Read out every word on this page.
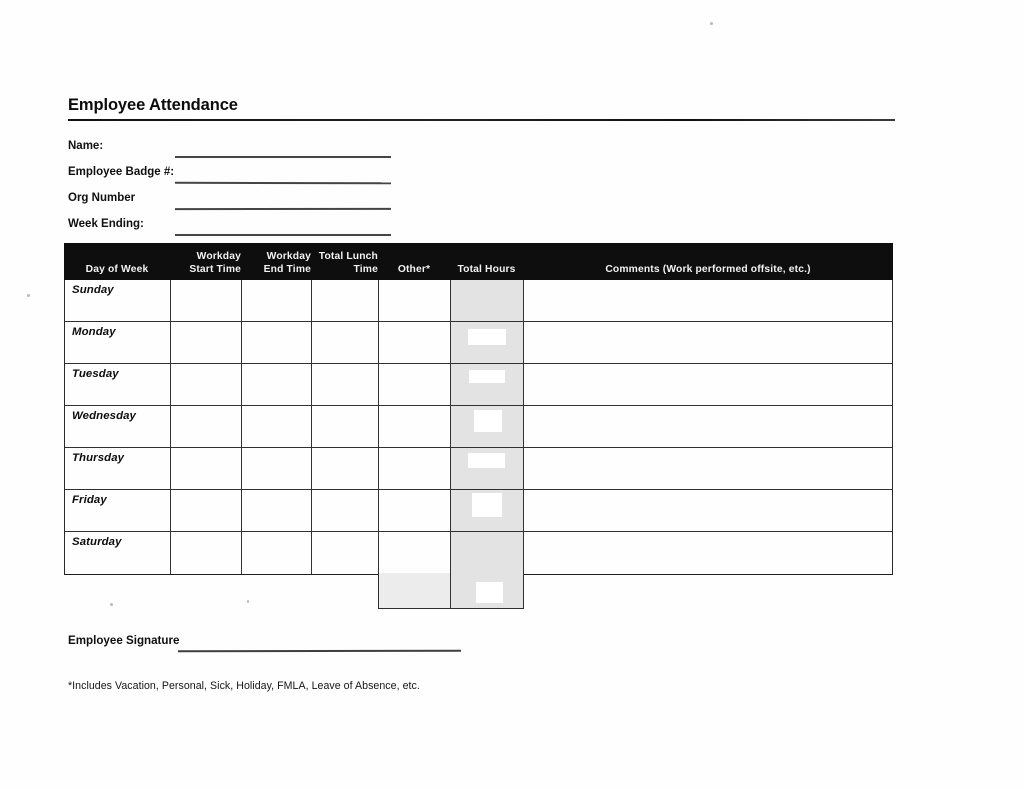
Employee Attendance
Name:
Employee Badge #:
Org Number
Week Ending:
Day of Week
Workday
Start Time
Workday
End Time
Total Lunch
Time Other*	Total Hours	Comments (Work performed offsite, etc.)
Sunday
Monday
Tuesday
Wednesday
Thursday
Friday
Saturday
Employee Signature
*Includes Vacation, Personal, Sick, Holiday, FMLA, Leave of Absence, etc.
